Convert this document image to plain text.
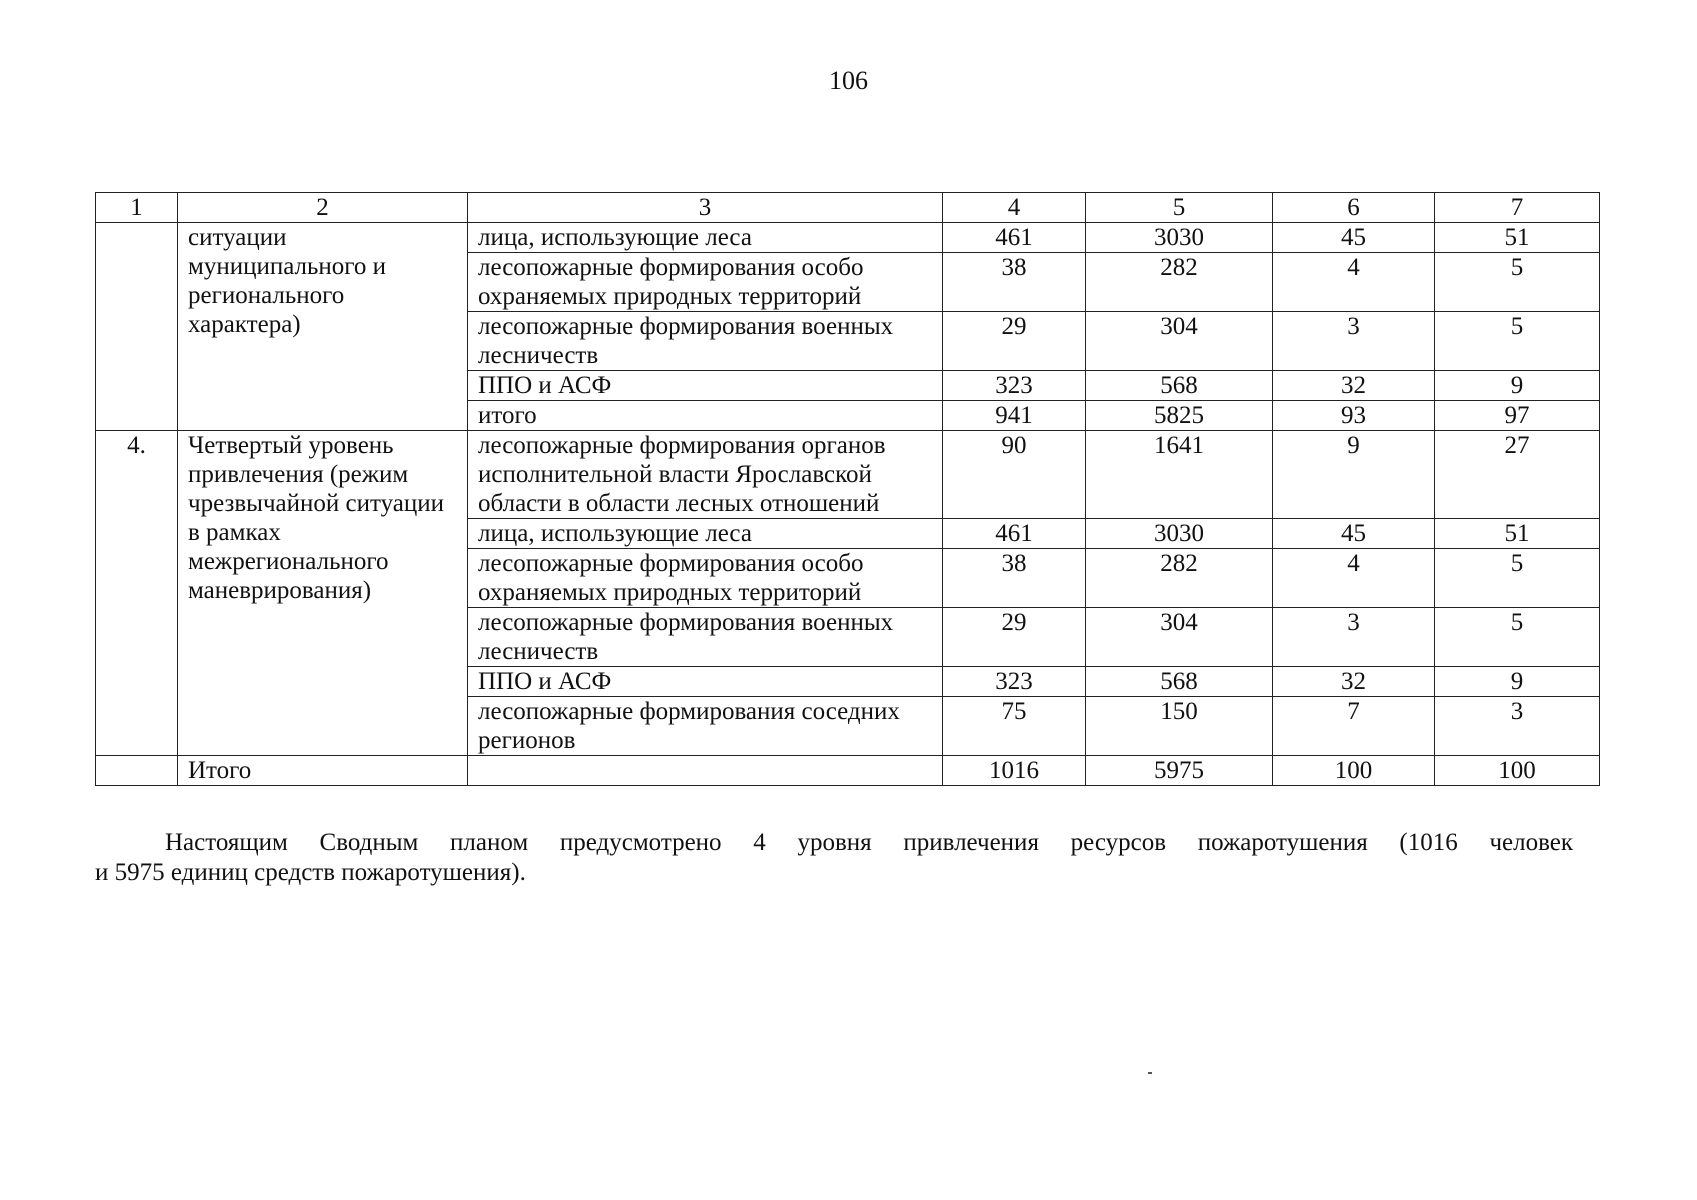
106
1	2	3	4	5	6	7
	ситуации муниципального и регионального характера)	лица, использующие леса	461	3030	45	51
		лесопожарные формирования особо охраняемых природных территорий	38	282	4	5
		лесопожарные формирования военных лесничеств	29	304	3	5
		ППО и АСФ	323	568	32	9
		итого	941	5825	93	97
4.	Четвертый уровень привлечения (режим чрезвычайной ситуации в рамках межрегионального маневрирования)	лесопожарные формирования органов исполнительной власти Ярославской области в области лесных отношений	90	1641	9	27
		лица, использующие леса	461	3030	45	51
		лесопожарные формирования особо охраняемых природных территорий	38	282	4	5
		лесопожарные формирования военных лесничеств	29	304	3	5
		ППО и АСФ	323	568	32	9
		лесопожарные формирования соседних регионов	75	150	7	3
	Итого		1016	5975	100	100
Настоящим Сводным планом предусмотрено 4 уровня привлечения ресурсов пожаротушения (1016 человек
и 5975 единиц средств пожаротушения).
